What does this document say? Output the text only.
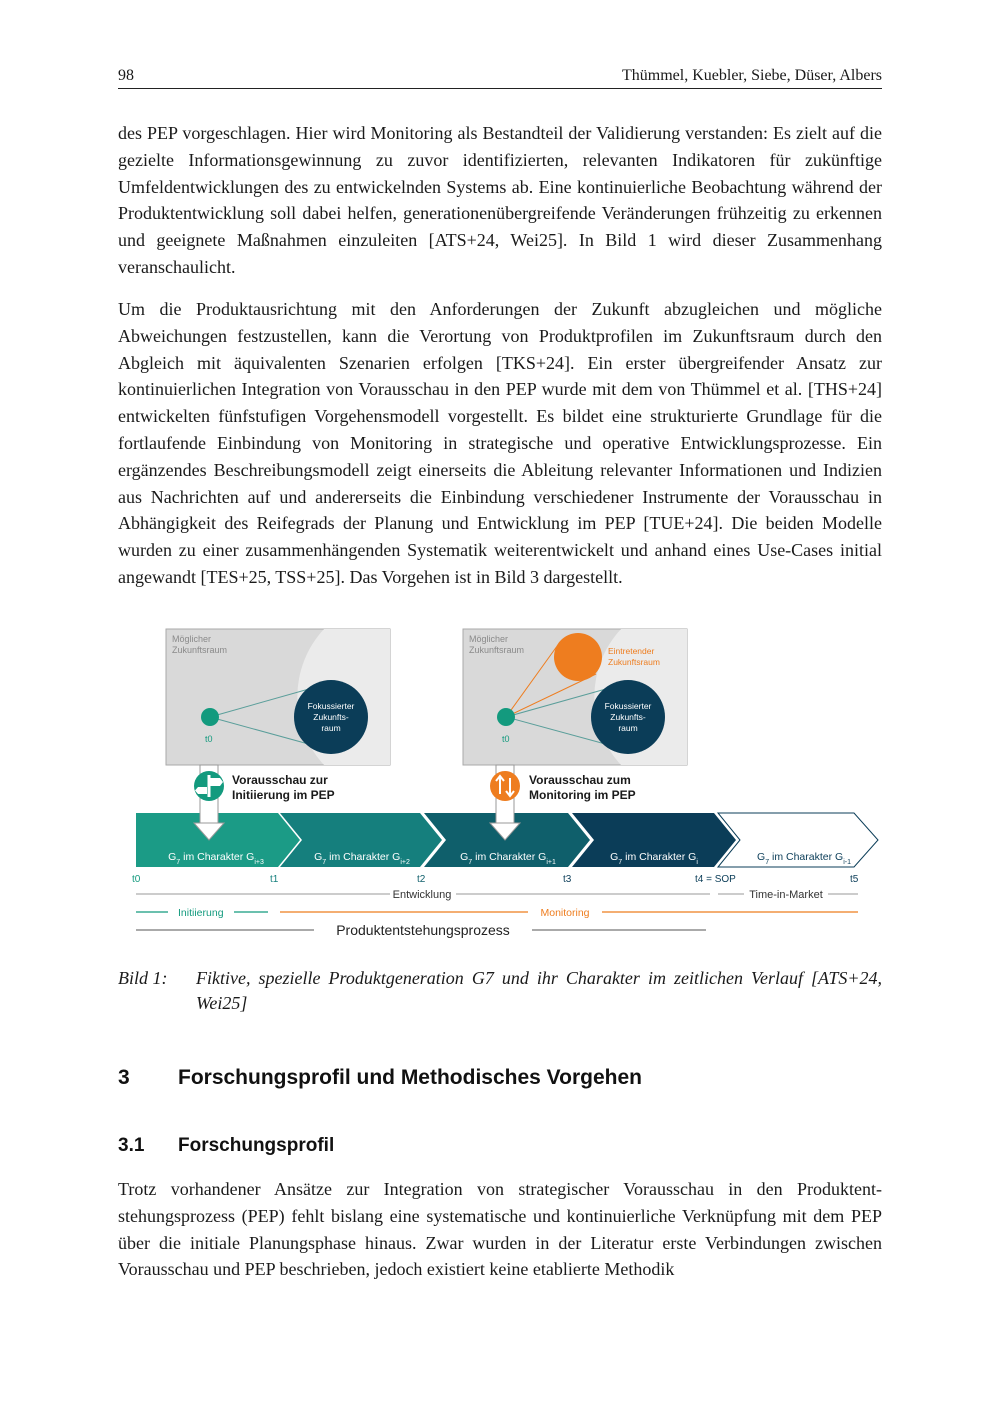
98	Thümmel, Kuebler, Siebe, Düser, Albers

des PEP vorgeschlagen. Hier wird Monitoring als Bestandteil der Validierung verstanden: Es zielt auf die gezielte Informationsgewinnung zu zuvor identifizierten, relevanten Indikatoren für zukünftige Umfeldentwicklungen des zu entwickelnden Systems ab. Eine kontinuierliche Beobachtung während der Produktentwicklung soll dabei helfen, generationenübergreifende Veränderungen frühzeitig zu erkennen und geeignete Maßnahmen einzuleiten [ATS+24, Wei25]. In Bild 1 wird dieser Zusammenhang veranschaulicht.

Um die Produktausrichtung mit den Anforderungen der Zukunft abzugleichen und mögliche Abweichungen festzustellen, kann die Verortung von Produktprofilen im Zukunftsraum durch den Abgleich mit äquivalenten Szenarien erfolgen [TKS+24]. Ein erster übergreifender Ansatz zur kontinuierlichen Integration von Vorausschau in den PEP wurde mit dem von Thümmel et al. [THS+24] entwickelten fünfstufigen Vorgehensmodell vorgestellt. Es bildet eine strukturierte Grundlage für die fortlaufende Einbindung von Monitoring in strategische und operative Entwicklungsprozesse. Ein ergänzendes Beschreibungsmodell zeigt einerseits die Ableitung relevanter Informationen und Indizien aus Nachrichten auf und andererseits die Einbindung verschiedener Instrumente der Vorausschau in Abhängigkeit des Reifegrads der Planung und Entwicklung im PEP [TUE+24]. Die beiden Modelle wurden zu einer zusammenhängenden Systematik weiterentwickelt und anhand eines Use-Cases initial angewandt [TES+25, TSS+25]. Das Vorgehen ist in Bild 3 dargestellt.

Möglicher
Zukunftsraum
t0
Fokussierter
Zukunfts-
raum
Möglicher
Zukunftsraum	Eintretender
Zukunftsraum
t0
Fokussierter
Zukunfts-
raum
$G_7$ im Charakter $G_{i+3}$	$G_7$ im Charakter $G_{i+2}$	$G_7$ im Charakter $G_{i+1}$	$G_7$ im Charakter $G_i$	$G_7$ im Charakter $G_{i-1}$
Vorausschau zur
Initiierung im PEP
Vorausschau zum
Monitoring im PEP
t0	t1	t2	t3	t4 = SOP	t5
Entwicklung	Time-in-Market
Initiierung	Monitoring
Produktentstehungsprozess
Bild 1:	Fiktive, spezielle Produktgeneration G7 und ihr Charakter im zeitlichen Verlauf [ATS+24, Wei25]
3 Forschungsprofil und Methodisches Vorgehen
3.1 Forschungsprofil

Trotz vorhandener Ansätze zur Integration von strategischer Vorausschau in den Produktentstehungsprozess (PEP) fehlt bislang eine systematische und kontinuierliche Verknüpfung mit dem PEP über die initiale Planungsphase hinaus. Zwar wurden in der Literatur erste Verbindungen zwischen Vorausschau und PEP beschrieben, jedoch existiert keine etablierte Methodik
